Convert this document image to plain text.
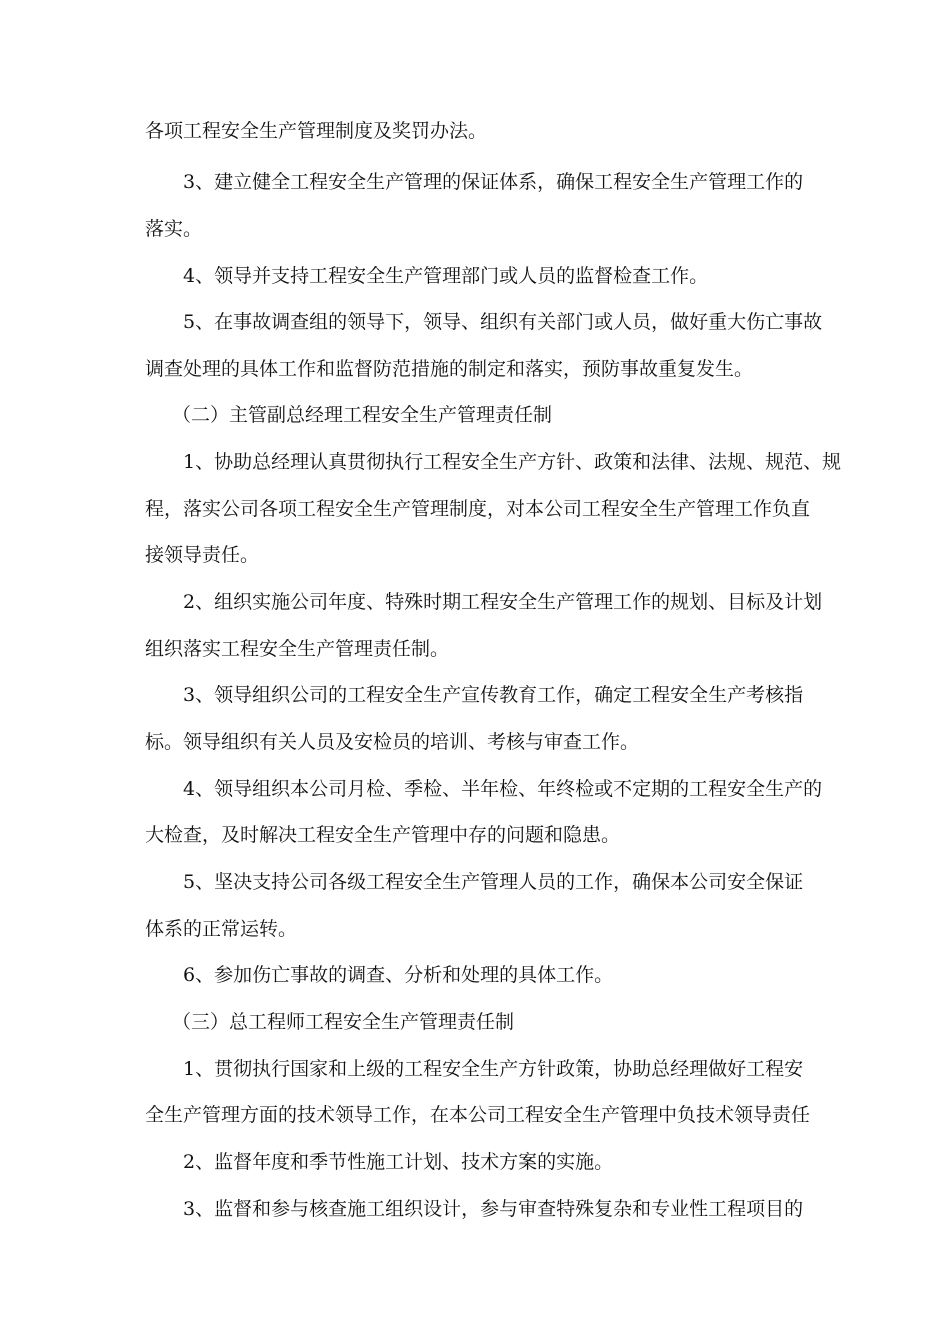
各项工程安全生产管理制度及奖罚办法。
3、建立健全工程安全生产管理的保证体系，确保工程安全生产管理工作的
落实。
4、领导并支持工程安全生产管理部门或人员的监督检查工作。
5、在事故调查组的领导下，领导、组织有关部门或人员，做好重大伤亡事故
调查处理的具体工作和监督防范措施的制定和落实，预防事故重复发生。
（二）主管副总经理工程安全生产管理责任制
1、协助总经理认真贯彻执行工程安全生产方针、政策和法律、法规、规范、规
程，落实公司各项工程安全生产管理制度，对本公司工程安全生产管理工作负直
接领导责任。
2、组织实施公司年度、特殊时期工程安全生产管理工作的规划、目标及计划
组织落实工程安全生产管理责任制。
3、领导组织公司的工程安全生产宣传教育工作，确定工程安全生产考核指
标。领导组织有关人员及安检员的培训、考核与审查工作。
4、领导组织本公司月检、季检、半年检、年终检或不定期的工程安全生产的
大检查，及时解决工程安全生产管理中存的问题和隐患。
5、坚决支持公司各级工程安全生产管理人员的工作，确保本公司安全保证
体系的正常运转。
6、参加伤亡事故的调查、分析和处理的具体工作。
（三）总工程师工程安全生产管理责任制
1、贯彻执行国家和上级的工程安全生产方针政策，协助总经理做好工程安
全生产管理方面的技术领导工作，在本公司工程安全生产管理中负技术领导责任
2、监督年度和季节性施工计划、技术方案的实施。
3、监督和参与核查施工组织设计，参与审查特殊复杂和专业性工程项目的
